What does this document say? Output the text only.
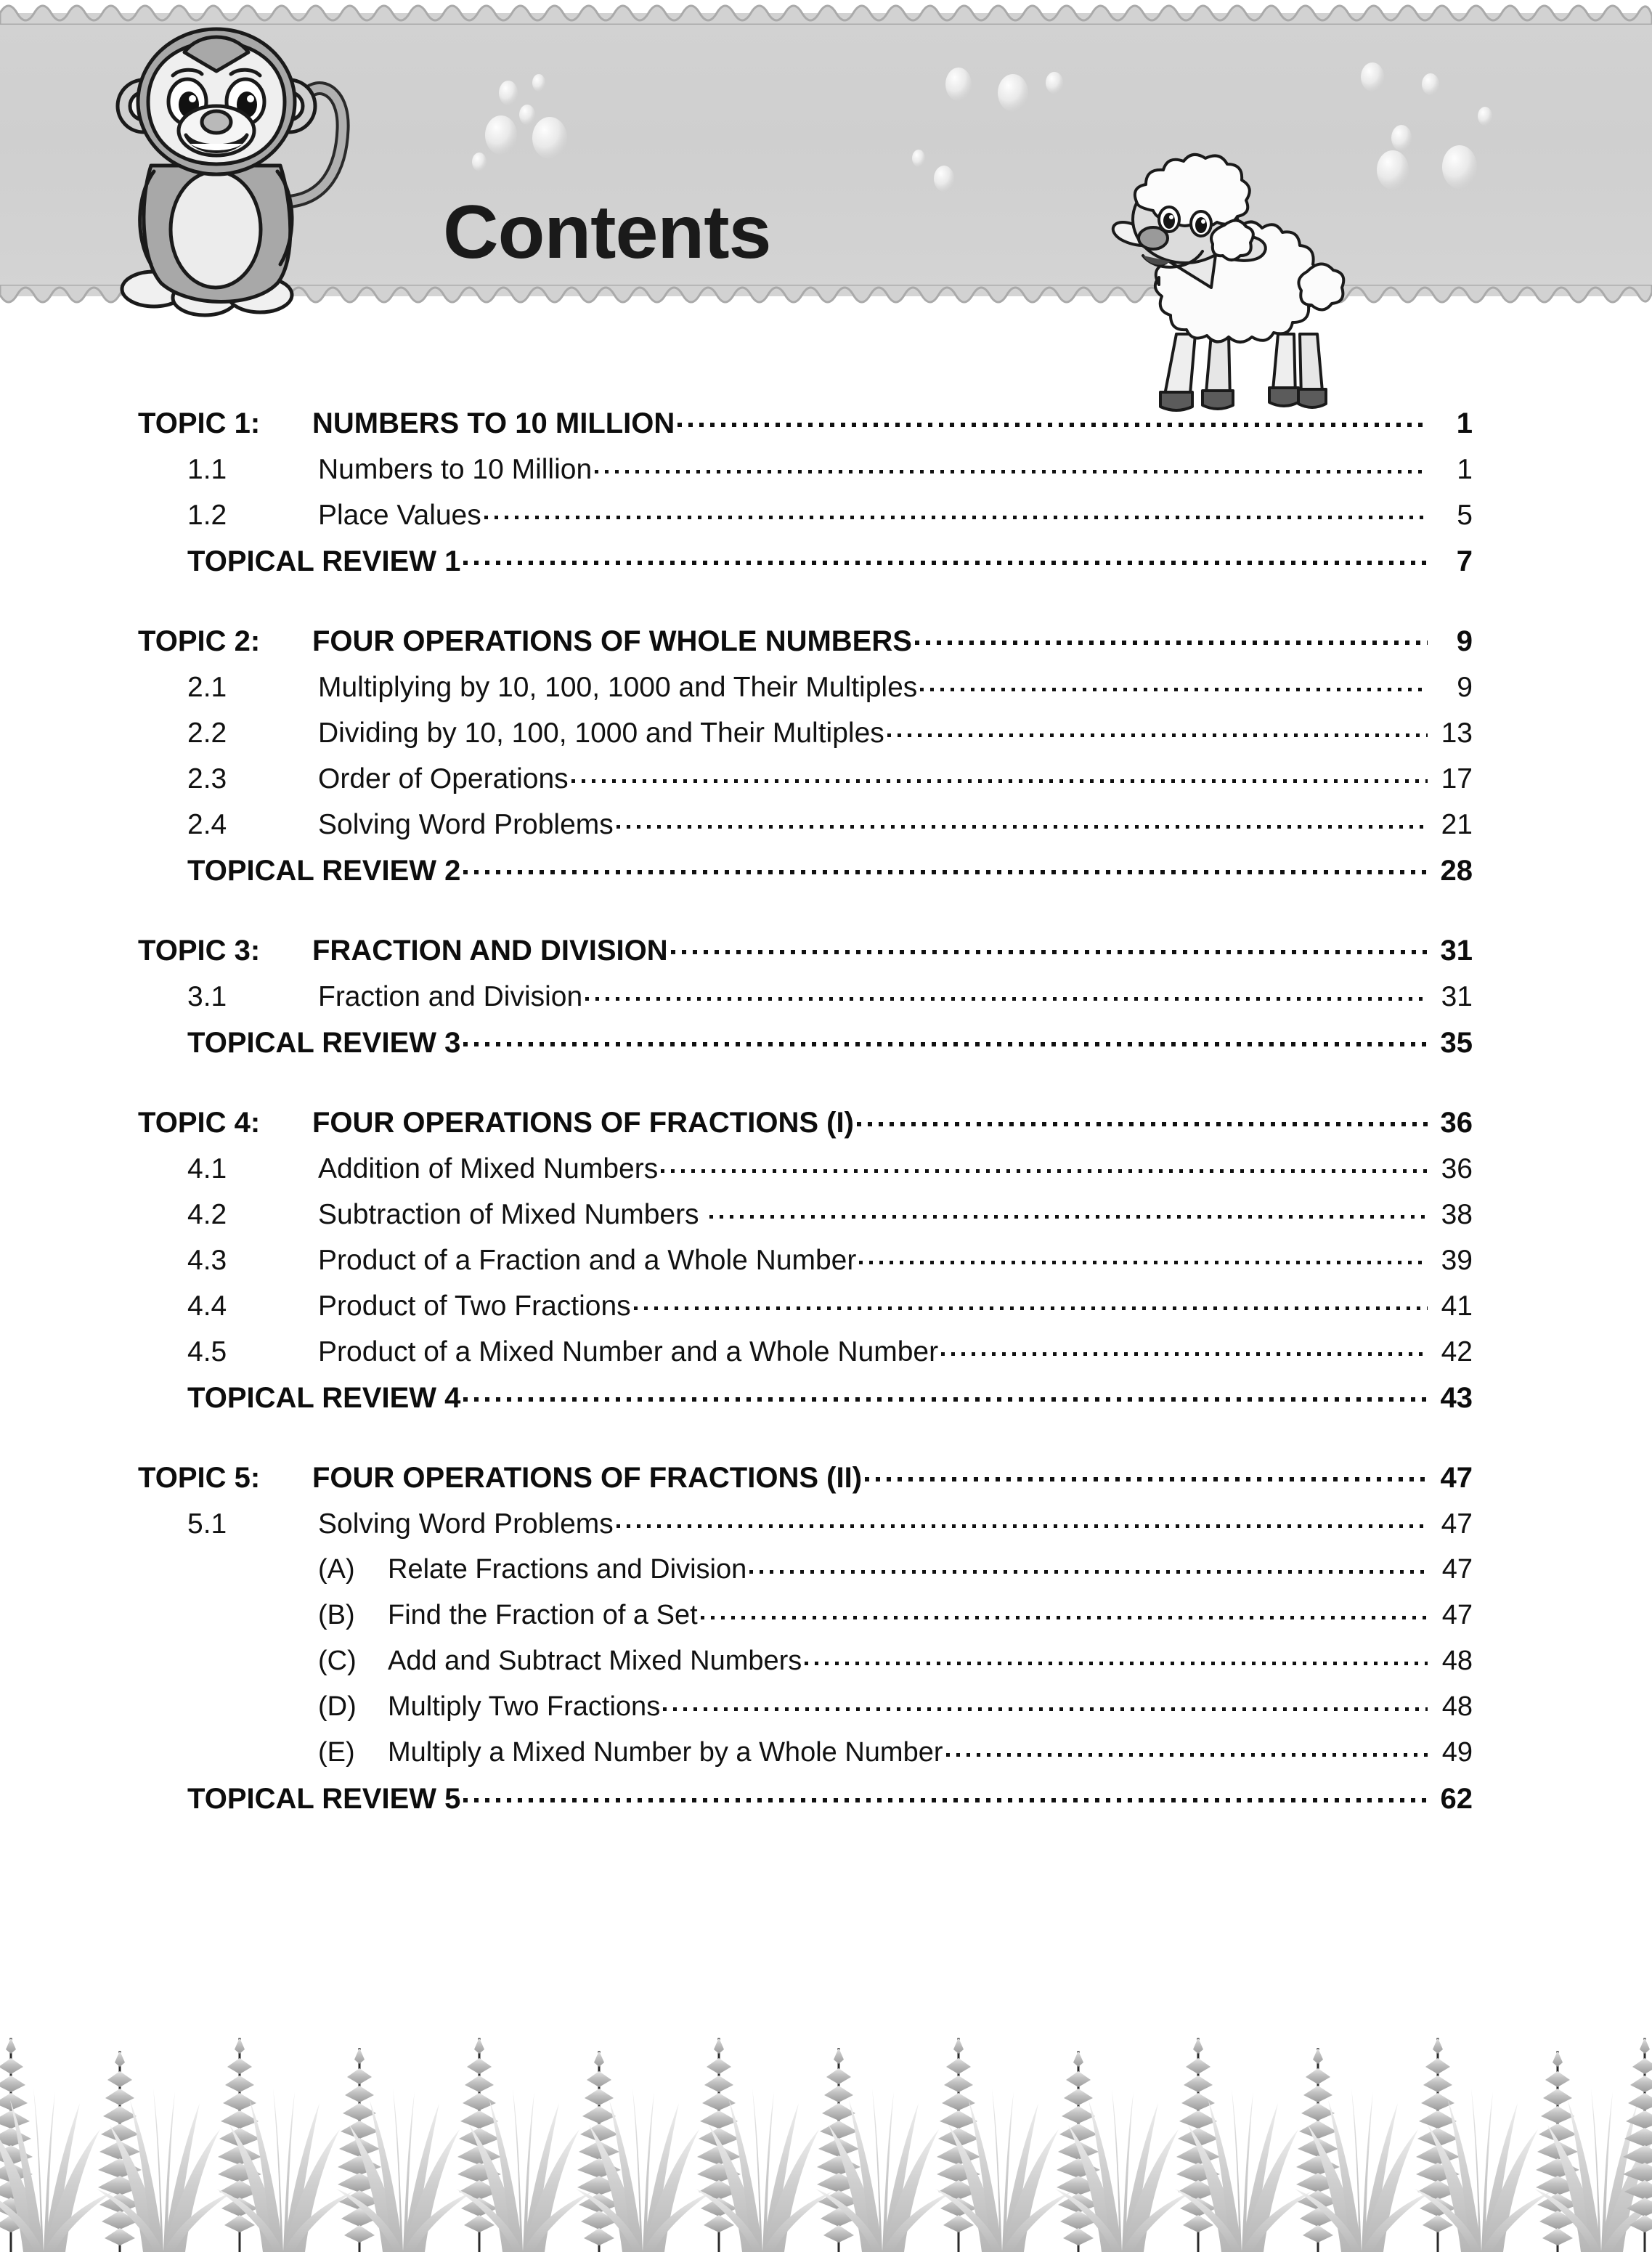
Contents
TOPIC 1:	NUMBERS TO 10 MILLION	1
1.1	Numbers to 10 Million	1
1.2	Place Values	5
TOPICAL REVIEW 1	7
TOPIC 2:	FOUR OPERATIONS OF WHOLE NUMBERS	9
2.1	Multiplying by 10, 100, 1000 and Their Multiples	9
2.2	Dividing by 10, 100, 1000 and Their Multiples	13
2.3	Order of Operations	17
2.4	Solving Word Problems	21
TOPICAL REVIEW 2	28
TOPIC 3:	FRACTION AND DIVISION	31
3.1	Fraction and Division	31
TOPICAL REVIEW 3	35
TOPIC 4:	FOUR OPERATIONS OF FRACTIONS (I)	36
4.1	Addition of Mixed Numbers	36
4.2	Subtraction of Mixed Numbers	38
4.3	Product of a Fraction and a Whole Number	39
4.4	Product of Two Fractions	41
4.5	Product of a Mixed Number and a Whole Number	42
TOPICAL REVIEW 4	43
TOPIC 5:	FOUR OPERATIONS OF FRACTIONS (II)	47
5.1	Solving Word Problems	47
(A)	Relate Fractions and Division	47
(B)	Find the Fraction of a Set	47
(C)	Add and Subtract Mixed Numbers	48
(D)	Multiply Two Fractions	48
(E)	Multiply a Mixed Number by a Whole Number	49
TOPICAL REVIEW 5	62
